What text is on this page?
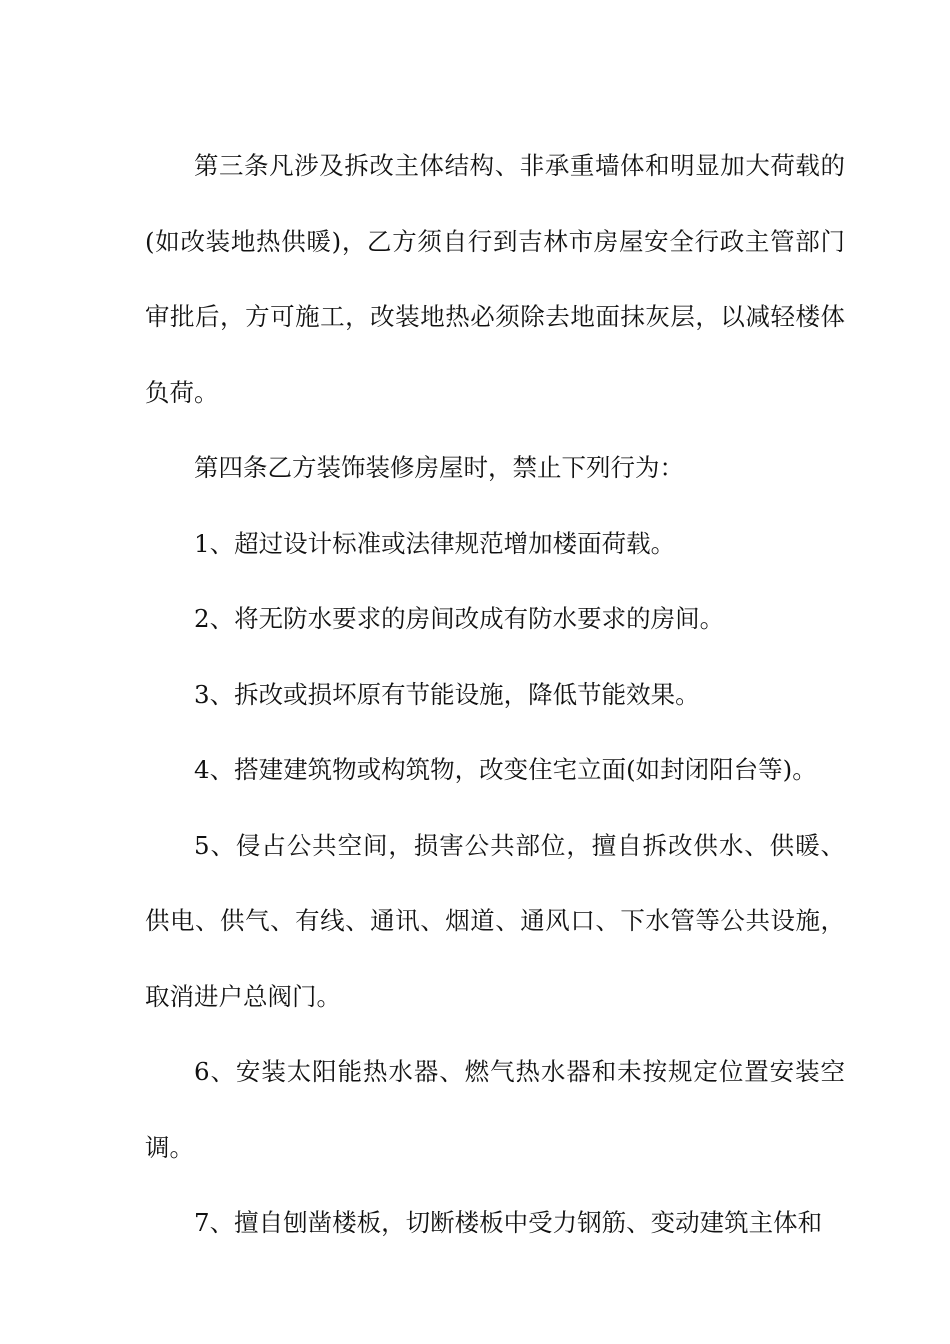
第三条凡涉及拆改主体结构、非承重墙体和明显加大荷载的(如改装地热供暖)，乙方须自行到吉林市房屋安全行政主管部门审批后，方可施工，改装地热必须除去地面抹灰层，以减轻楼体负荷。

第四条乙方装饰装修房屋时，禁止下列行为：

1、超过设计标准或法律规范增加楼面荷载。

2、将无防水要求的房间改成有防水要求的房间。

3、拆改或损坏原有节能设施，降低节能效果。

4、搭建建筑物或构筑物，改变住宅立面(如封闭阳台等)。

5、侵占公共空间，损害公共部位，擅自拆改供水、供暖、供电、供气、有线、通讯、烟道、通风口、下水管等公共设施，取消进户总阀门。

6、安装太阳能热水器、燃气热水器和未按规定位置安装空调。

7、擅自刨凿楼板，切断楼板中受力钢筋、变动建筑主体和
